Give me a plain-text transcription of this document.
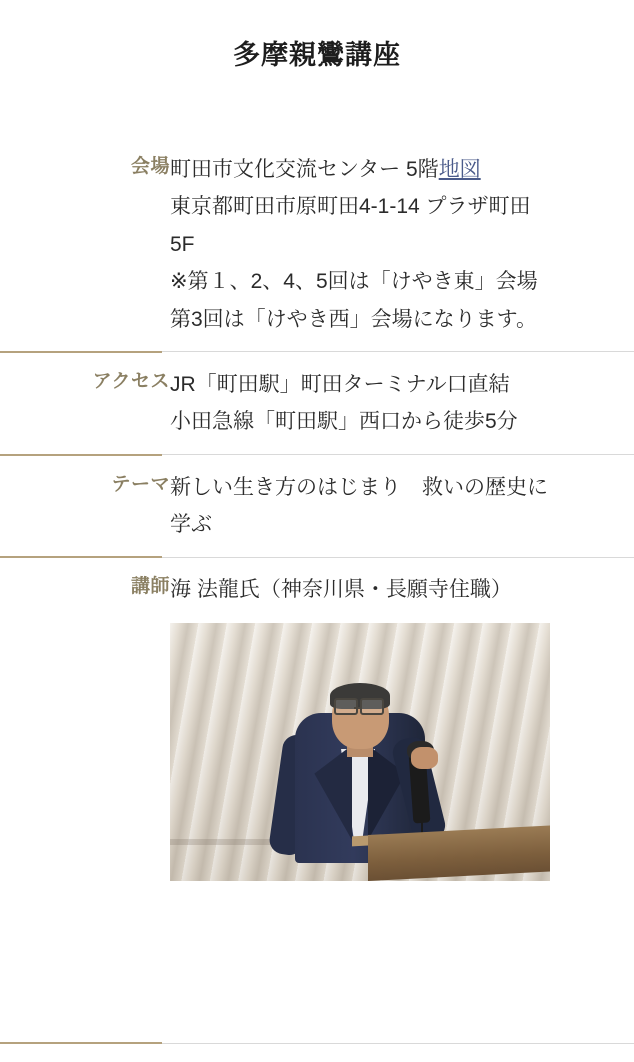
多摩親鸞講座
会場	町田市文化交流センター 5階地図
東京都町田市原町田4-1-14 プラザ町田
5F
※第１、2、4、5回は「けやき東」会場
第3回は「けやき西」会場になります。

アクセス	JR「町田駅」町田ターミナル口直結
小田急線「町田駅」西口から徒歩5分

テーマ	新しい生き方のはじまり　救いの歴史に
学ぶ

講師	海 法龍氏（神奈川県・長願寺住職）
